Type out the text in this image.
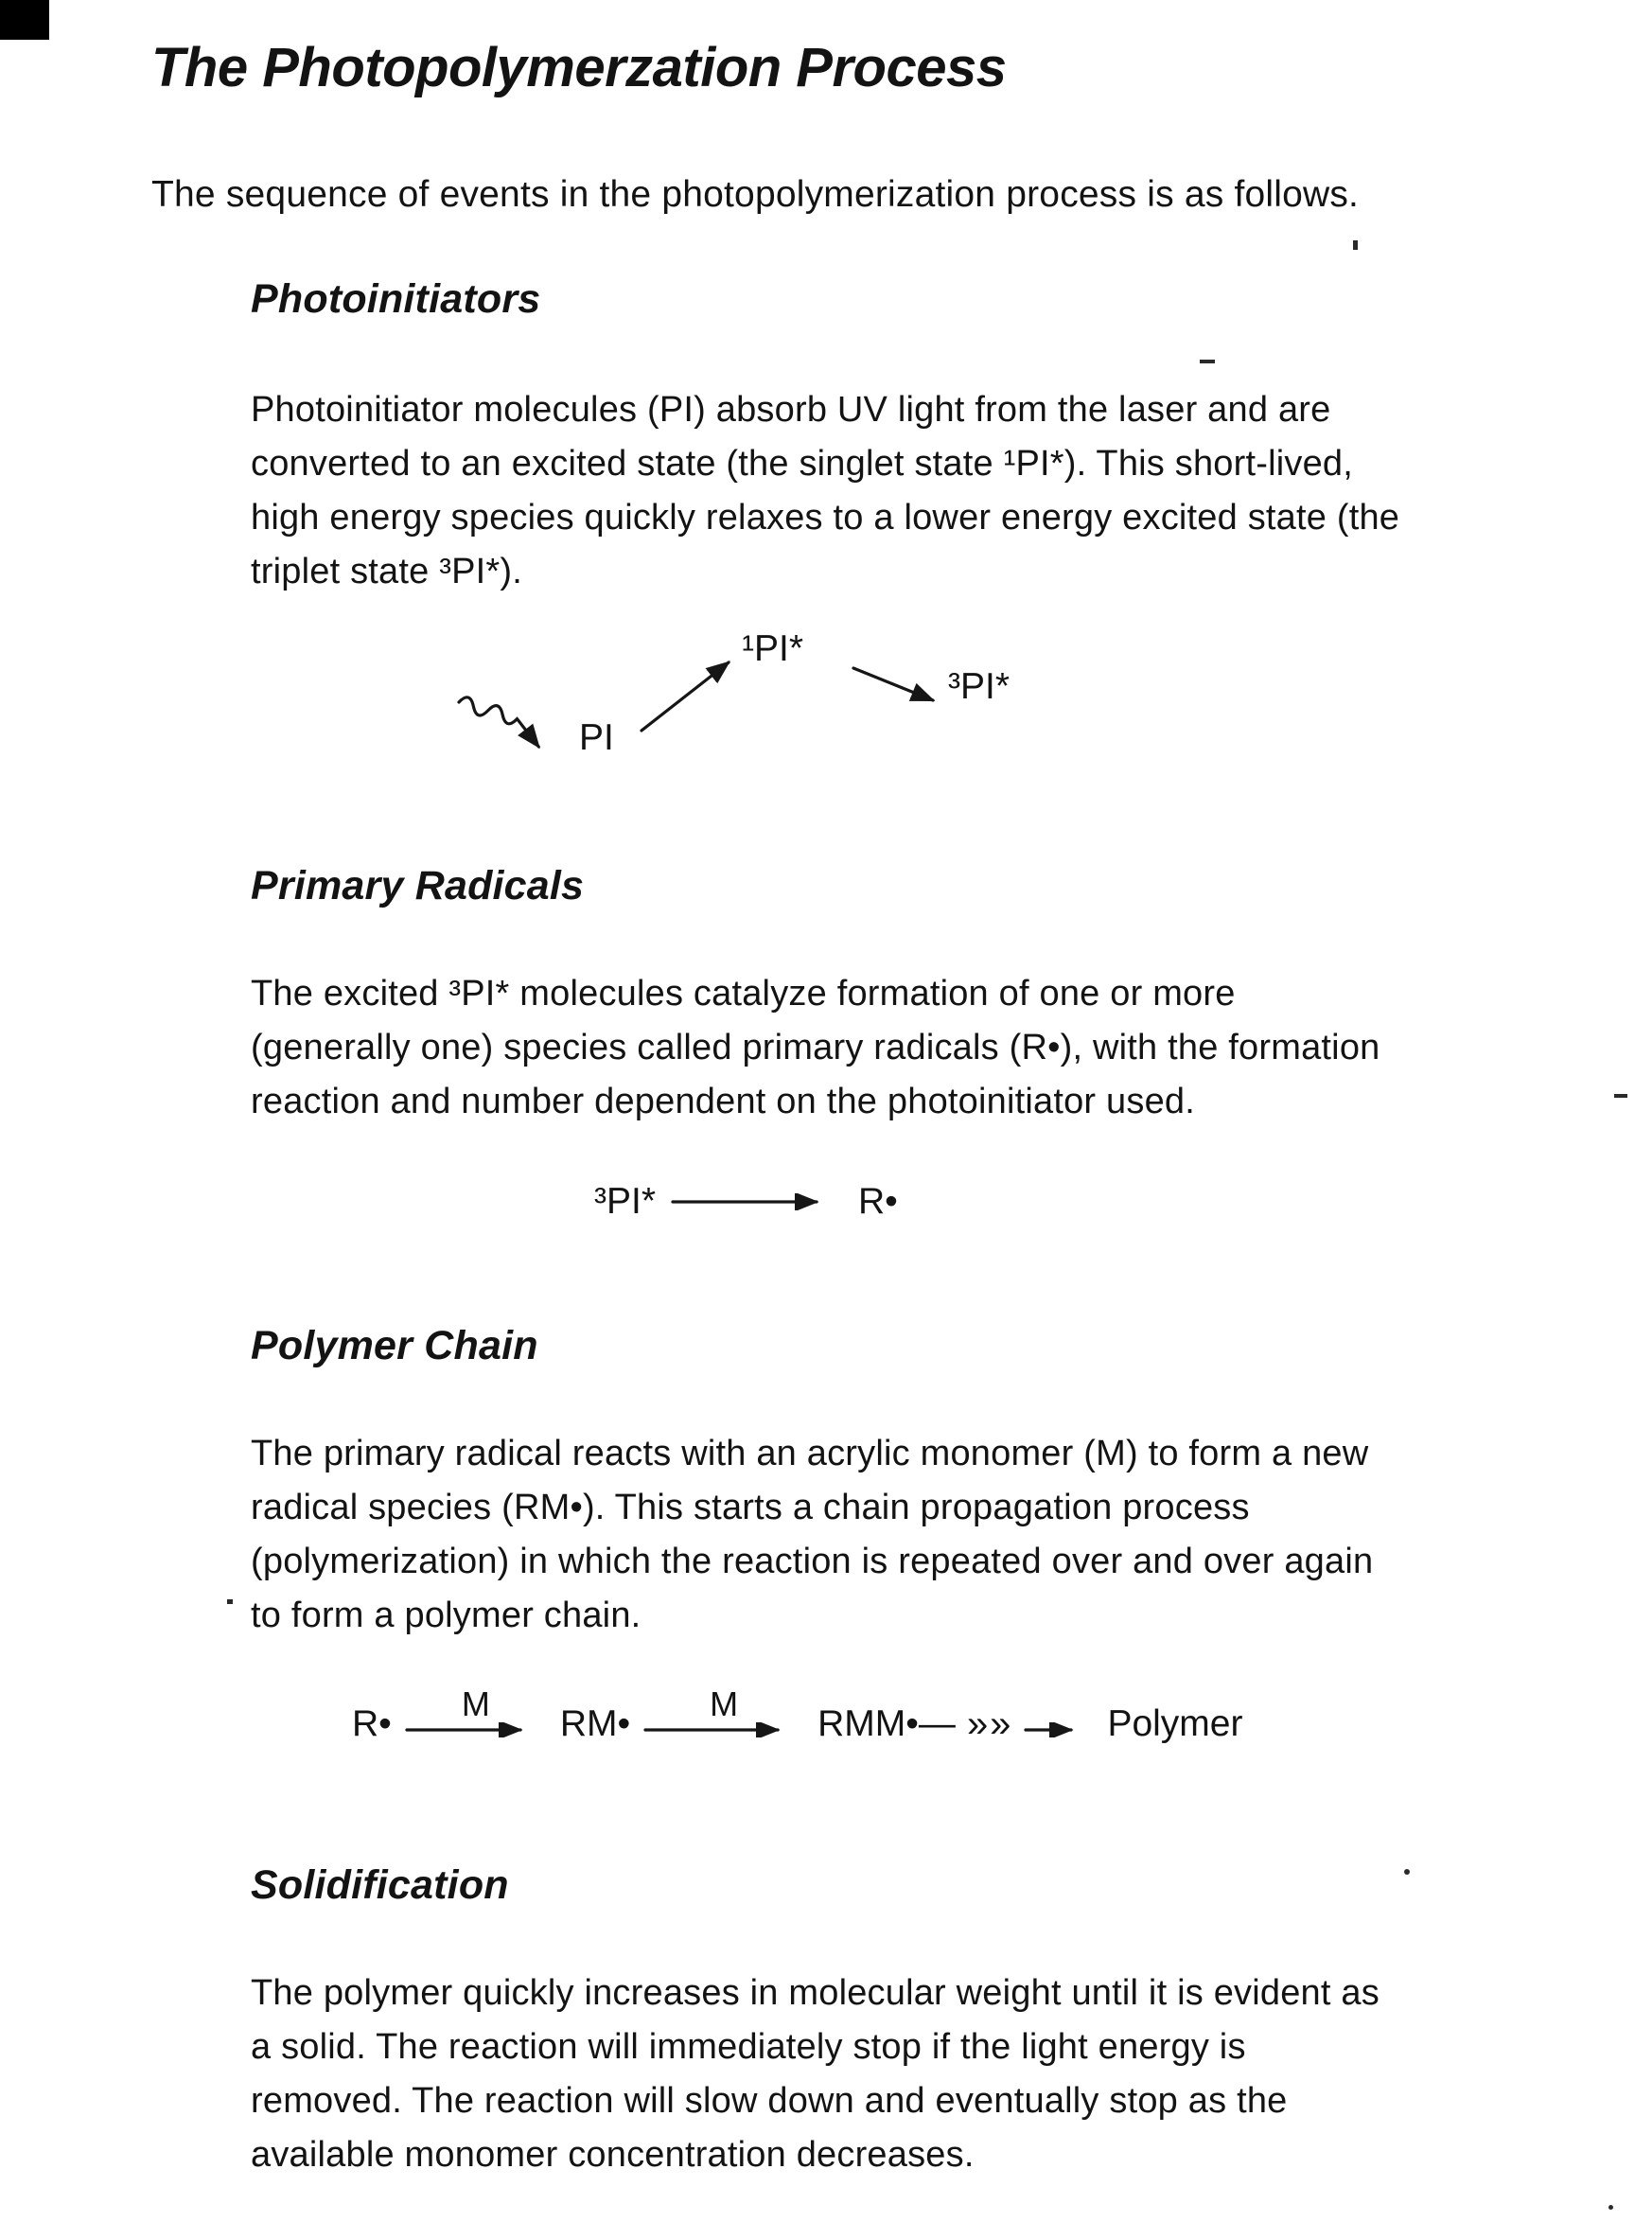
The Photopolymerzation Process

The sequence of events in the photopolymerization process is as follows.

Photoinitiators

Photoinitiator molecules (PI) absorb UV light from the laser and are
converted to an excited state (the singlet state ¹PI*). This short-lived,
high energy species quickly relaxes to a lower energy excited state (the
triplet state ³PI*).

PI
¹PI*
³PI*
Primary Radicals

The excited ³PI* molecules catalyze formation of one or more
(generally one) species called primary radicals (R•), with the formation
reaction and number dependent on the photoinitiator used.

³PI*	R•
Polymer Chain

The primary radical reacts with an acrylic monomer (M) to form a new
radical species (RM•). This starts a chain propagation process
(polymerization) in which the reaction is repeated over and over again
to form a polymer chain.

R• M RM• M RMM•— »»	Polymer
Solidification

The polymer quickly increases in molecular weight until it is evident as
a solid. The reaction will immediately stop if the light energy is
removed. The reaction will slow down and eventually stop as the
available monomer concentration decreases.
